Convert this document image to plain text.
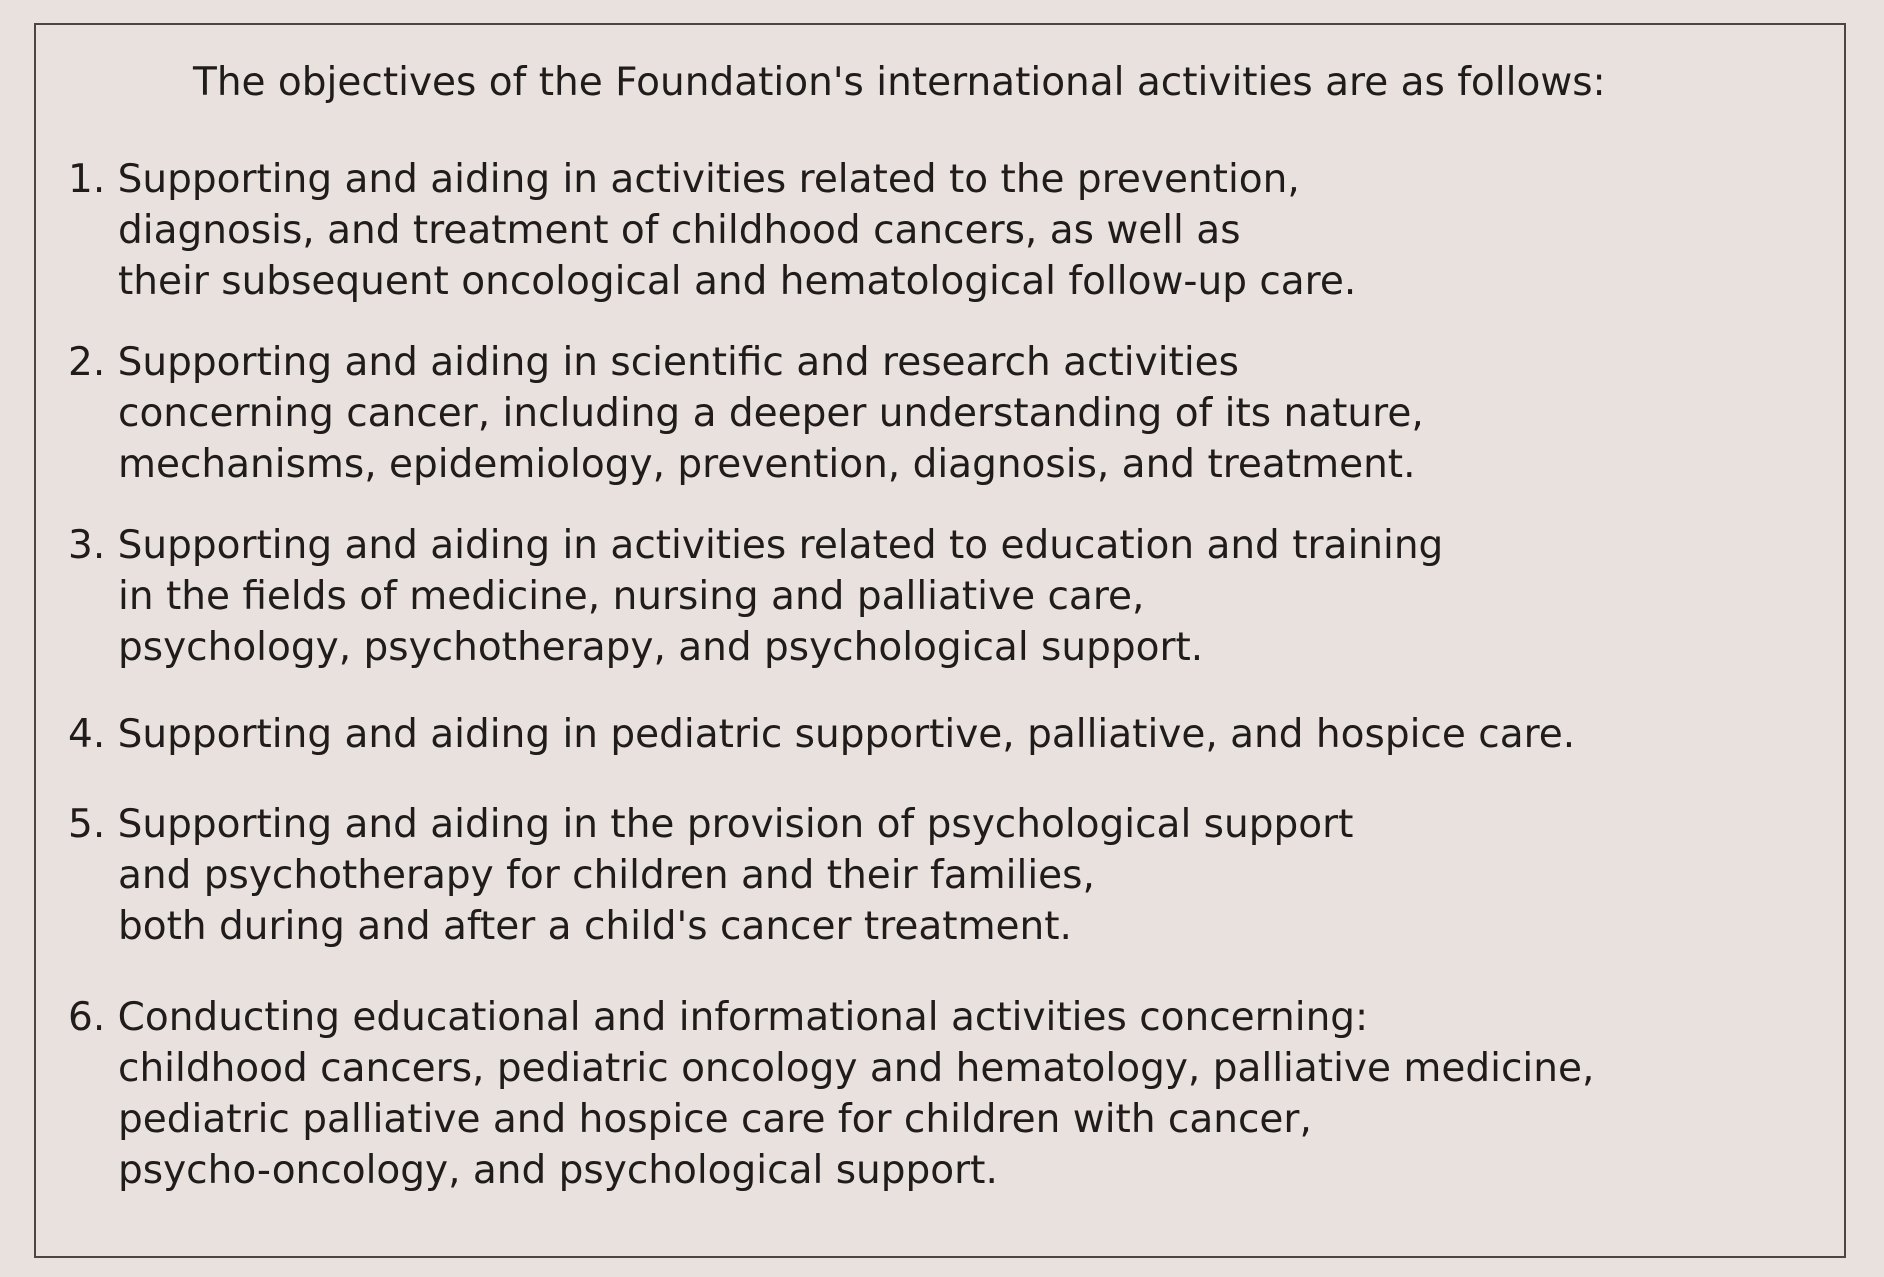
The objectives of the Foundation's international activities are as follows:
1. Supporting and aiding in activities related to the prevention,
diagnosis, and treatment of childhood cancers, as well as
their subsequent oncological and hematological follow-up care.
2. Supporting and aiding in scientific and research activities
concerning cancer, including a deeper understanding of its nature,
mechanisms, epidemiology, prevention, diagnosis, and treatment.
3. Supporting and aiding in activities related to education and training
in the fields of medicine, nursing and palliative care,
psychology, psychotherapy, and psychological support.
4. Supporting and aiding in pediatric supportive, palliative, and hospice care.
5. Supporting and aiding in the provision of psychological support
and psychotherapy for children and their families,
both during and after a child's cancer treatment.
6. Conducting educational and informational activities concerning:
childhood cancers, pediatric oncology and hematology, palliative medicine,
pediatric palliative and hospice care for children with cancer,
psycho-oncology, and psychological support.
